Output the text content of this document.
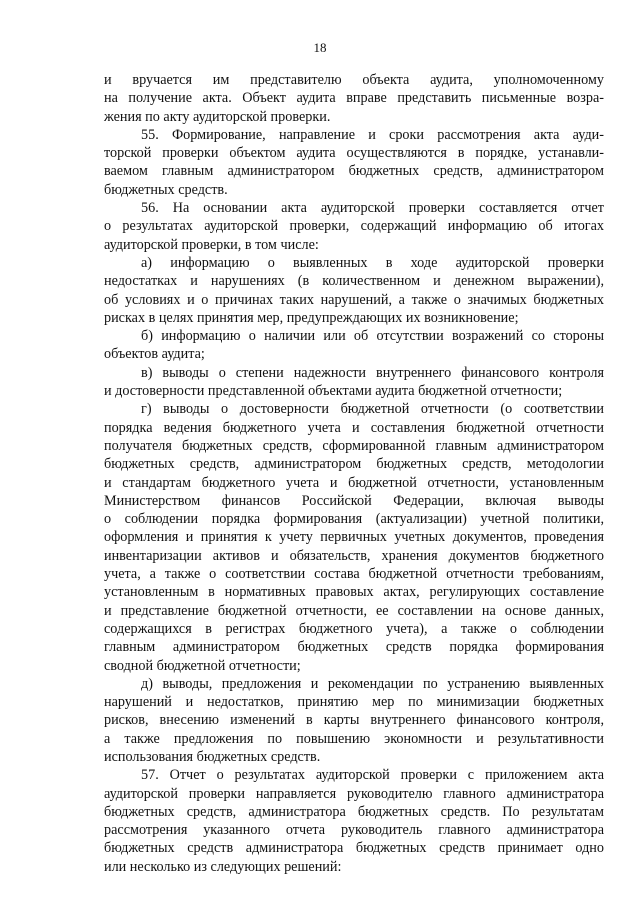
18
и вручается им представителю объекта аудита, уполномоченному
на получение акта. Объект аудита вправе представить письменные возра-
жения по акту аудиторской проверки.
55. Формирование, направление и сроки рассмотрения акта ауди-
торской проверки объектом аудита осуществляются в порядке, устанавли-
ваемом главным администратором бюджетных средств, администратором
бюджетных средств.
56. На основании акта аудиторской проверки составляется отчет
о результатах аудиторской проверки, содержащий информацию об итогах
аудиторской проверки, в том числе:
а) информацию о выявленных в ходе аудиторской проверки
недостатках и нарушениях (в количественном и денежном выражении),
об условиях и о причинах таких нарушений, а также о значимых бюджетных
рисках в целях принятия мер, предупреждающих их возникновение;
б) информацию о наличии или об отсутствии возражений со стороны
объектов аудита;
в) выводы о степени надежности внутреннего финансового контроля
и достоверности представленной объектами аудита бюджетной отчетности;
г) выводы о достоверности бюджетной отчетности (о соответствии
порядка ведения бюджетного учета и составления бюджетной отчетности
получателя бюджетных средств, сформированной главным администратором
бюджетных средств, администратором бюджетных средств, методологии
и стандартам бюджетного учета и бюджетной отчетности, установленным
Министерством финансов Российской Федерации, включая выводы
о соблюдении порядка формирования (актуализации) учетной политики,
оформления и принятия к учету первичных учетных документов, проведения
инвентаризации активов и обязательств, хранения документов бюджетного
учета, а также о соответствии состава бюджетной отчетности требованиям,
установленным в нормативных правовых актах, регулирующих составление
и представление бюджетной отчетности, ее составлении на основе данных,
содержащихся в регистрах бюджетного учета), а также о соблюдении
главным администратором бюджетных средств порядка формирования
сводной бюджетной отчетности;
д) выводы, предложения и рекомендации по устранению выявленных
нарушений и недостатков, принятию мер по минимизации бюджетных
рисков, внесению изменений в карты внутреннего финансового контроля,
а также предложения по повышению экономности и результативности
использования бюджетных средств.
57. Отчет о результатах аудиторской проверки с приложением акта
аудиторской проверки направляется руководителю главного администратора
бюджетных средств, администратора бюджетных средств. По результатам
рассмотрения указанного отчета руководитель главного администратора
бюджетных средств администратора бюджетных средств принимает одно
или несколько из следующих решений:
